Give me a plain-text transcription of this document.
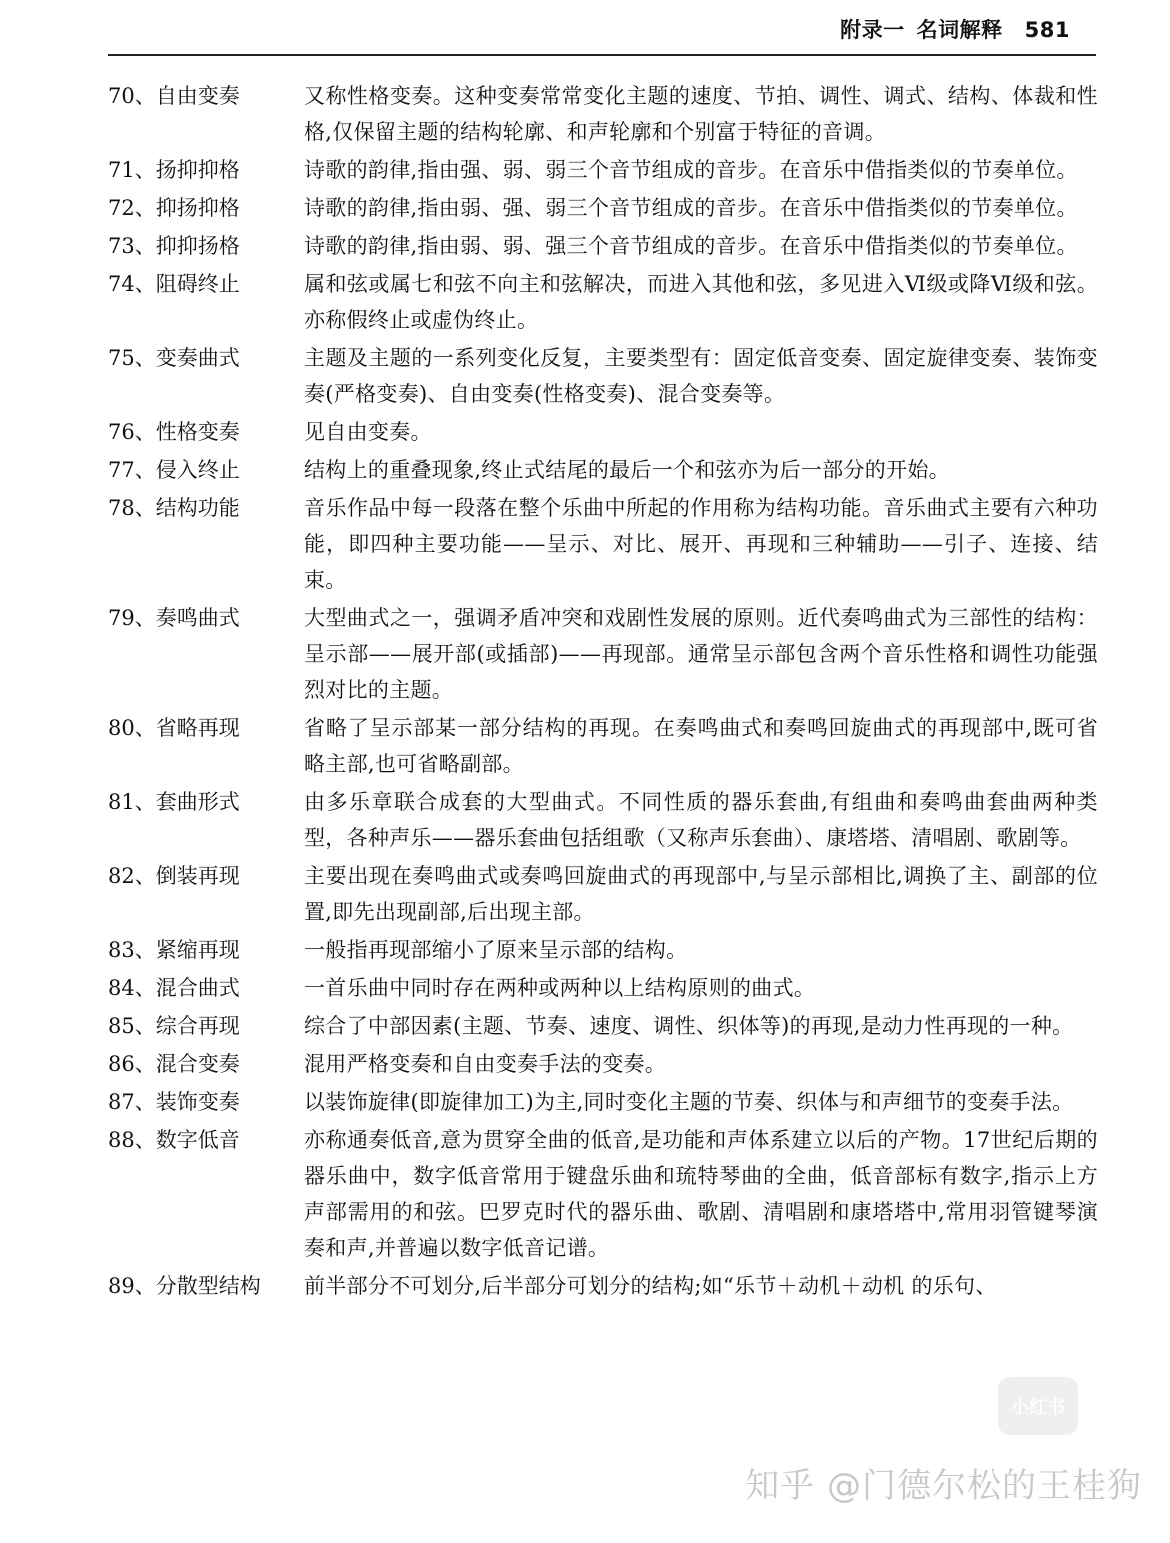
附录一 名词解释 581
70、自由变奏	又称性格变奏。这种变奏常常变化主题的速度、节拍、调性、调式、结构、体裁和性格,仅保留主题的结构轮廓、和声轮廓和个别富于特征的音调。
71、扬抑抑格	诗歌的韵律,指由强、弱、弱三个音节组成的音步。在音乐中借指类似的节奏单位。
72、抑扬抑格	诗歌的韵律,指由弱、强、弱三个音节组成的音步。在音乐中借指类似的节奏单位。
73、抑抑扬格	诗歌的韵律,指由弱、弱、强三个音节组成的音步。在音乐中借指类似的节奏单位。
74、阻碍终止	属和弦或属七和弦不向主和弦解决，而进入其他和弦，多见进入Ⅵ级或降Ⅵ级和弦。亦称假终止或虚伪终止。
75、变奏曲式	主题及主题的一系列变化反复，主要类型有：固定低音变奏、固定旋律变奏、装饰变奏(严格变奏)、自由变奏(性格变奏)、混合变奏等。
76、性格变奏	见自由变奏。
77、侵入终止	结构上的重叠现象,终止式结尾的最后一个和弦亦为后一部分的开始。
78、结构功能	音乐作品中每一段落在整个乐曲中所起的作用称为结构功能。音乐曲式主要有六种功能，即四种主要功能——呈示、对比、展开、再现和三种辅助——引子、连接、结束。
79、奏鸣曲式	大型曲式之一，强调矛盾冲突和戏剧性发展的原则。近代奏鸣曲式为三部性的结构：呈示部——展开部(或插部)——再现部。通常呈示部包含两个音乐性格和调性功能强烈对比的主题。
80、省略再现	省略了呈示部某一部分结构的再现。在奏鸣曲式和奏鸣回旋曲式的再现部中,既可省略主部,也可省略副部。
81、套曲形式	由多乐章联合成套的大型曲式。不同性质的器乐套曲,有组曲和奏鸣曲套曲两种类型，各种声乐——器乐套曲包括组歌（又称声乐套曲）、康塔塔、清唱剧、歌剧等。
82、倒装再现	主要出现在奏鸣曲式或奏鸣回旋曲式的再现部中,与呈示部相比,调换了主、副部的位置,即先出现副部,后出现主部。
83、紧缩再现	一般指再现部缩小了原来呈示部的结构。
84、混合曲式	一首乐曲中同时存在两种或两种以上结构原则的曲式。
85、综合再现	综合了中部因素(主题、节奏、速度、调性、织体等)的再现,是动力性再现的一种。
86、混合变奏	混用严格变奏和自由变奏手法的变奏。
87、装饰变奏	以装饰旋律(即旋律加工)为主,同时变化主题的节奏、织体与和声细节的变奏手法。
88、数字低音	亦称通奏低音,意为贯穿全曲的低音,是功能和声体系建立以后的产物。17世纪后期的器乐曲中，数字低音常用于键盘乐曲和琉特琴曲的全曲，低音部标有数字,指示上方声部需用的和弦。巴罗克时代的器乐曲、歌剧、清唱剧和康塔塔中,常用羽管键琴演奏和声,并普遍以数字低音记谱。
89、分散型结构	前半部分不可划分,后半部分可划分的结构;如“乐节＋动机＋动机 的乐句、
小红书
知乎 @门德尔松的王桂狗
